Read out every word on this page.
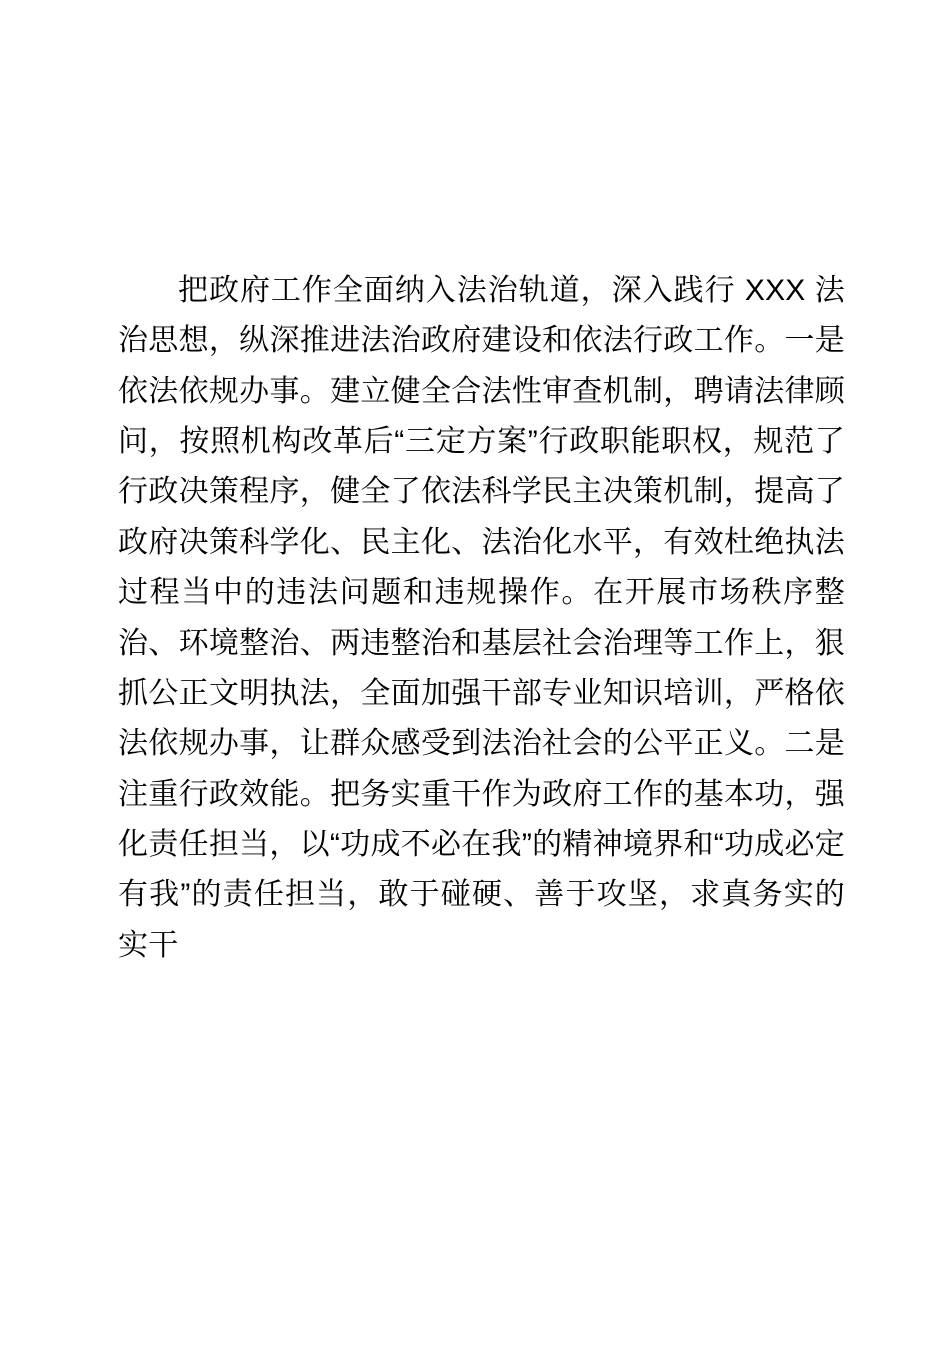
把政府工作全面纳入法治轨道，深入践行 XXX 法治思想，纵深推进法治政府建设和依法行政工作。一是依法依规办事。建立健全合法性审查机制，聘请法律顾问，按照机构改革后“三定方案”行政职能职权，规范了行政决策程序，健全了依法科学民主决策机制，提高了政府决策科学化、民主化、法治化水平，有效杜绝执法过程当中的违法问题和违规操作。在开展市场秩序整治、环境整治、两违整治和基层社会治理等工作上，狠抓公正文明执法，全面加强干部专业知识培训，严格依法依规办事，让群众感受到法治社会的公平正义。二是注重行政效能。把务实重干作为政府工作的基本功，强化责任担当，以“功成不必在我”的精神境界和“功成必定有我”的责任担当，敢于碰硬、善于攻坚，求真务实的实干
